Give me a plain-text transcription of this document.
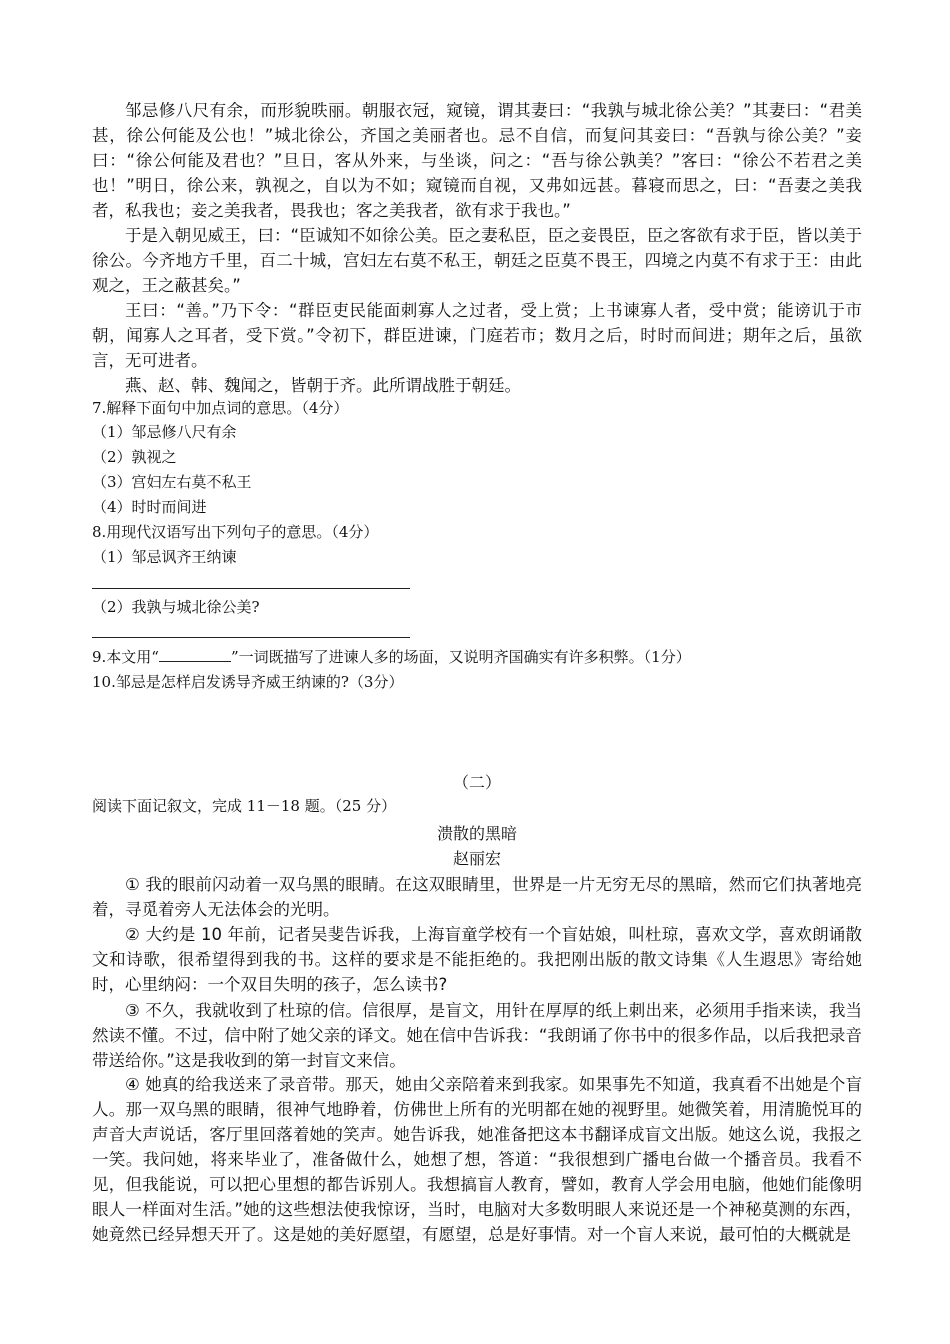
邹忌修八尺有余，而形貌昳丽。朝服衣冠，窥镜，谓其妻曰：“我孰与城北徐公美？”其妻曰：“君美甚，徐公何能及公也！”城北徐公，齐国之美丽者也。忌不自信，而复问其妾曰：“吾孰与徐公美？”妾曰：“徐公何能及君也？”旦日，客从外来，与坐谈，问之：“吾与徐公孰美？”客曰：“徐公不若君之美也！”明日，徐公来，孰视之，自以为不如；窥镜而自视，又弗如远甚。暮寝而思之，曰：“吾妻之美我者，私我也；妾之美我者，畏我也；客之美我者，欲有求于我也。”

于是入朝见威王，曰：“臣诚知不如徐公美。臣之妻私臣，臣之妾畏臣，臣之客欲有求于臣，皆以美于徐公。今齐地方千里，百二十城，宫妇左右莫不私王，朝廷之臣莫不畏王，四境之内莫不有求于王：由此观之，王之蔽甚矣。”

王曰：“善。”乃下令：“群臣吏民能面刺寡人之过者，受上赏；上书谏寡人者，受中赏；能谤讥于市朝，闻寡人之耳者，受下赏。”令初下，群臣进谏，门庭若市；数月之后，时时而间进；期年之后，虽欲言，无可进者。

燕、赵、韩、魏闻之，皆朝于齐。此所谓战胜于朝廷。

7.解释下面句中加点词的意思。（4分）
（1）邹忌修八尺有余
（2）孰视之
（3）宫妇左右莫不私王
（4）时时而间进
8.用现代汉语写出下列句子的意思。（4分）
（1）邹忌讽齐王纳谏
（2）我孰与城北徐公美?
9.本文用“	”一词既描写了进谏人多的场面，又说明齐国确实有许多积弊。（1分）
10.邹忌是怎样启发诱导齐威王纳谏的?（3分）
（二）
阅读下面记叙文，完成 11－18 题。（25 分）
溃散的黑暗
赵丽宏

① 我的眼前闪动着一双乌黑的眼睛。在这双眼睛里，世界是一片无穷无尽的黑暗，然而它们执著地亮着，寻觅着旁人无法体会的光明。

② 大约是 10 年前，记者吴斐告诉我，上海盲童学校有一个盲姑娘，叫杜琼，喜欢文学，喜欢朗诵散文和诗歌，很希望得到我的书。这样的要求是不能拒绝的。我把刚出版的散文诗集《人生遐思》寄给她时，心里纳闷：一个双目失明的孩子，怎么读书?

③ 不久，我就收到了杜琼的信。信很厚，是盲文，用针在厚厚的纸上刺出来，必须用手指来读，我当然读不懂。不过，信中附了她父亲的译文。她在信中告诉我：“我朗诵了你书中的很多作品，以后我把录音带送给你。”这是我收到的第一封盲文来信。

④ 她真的给我送来了录音带。那天，她由父亲陪着来到我家。如果事先不知道，我真看不出她是个盲人。那一双乌黑的眼睛，很神气地睁着，仿佛世上所有的光明都在她的视野里。她微笑着，用清脆悦耳的声音大声说话，客厅里回落着她的笑声。她告诉我，她准备把这本书翻译成盲文出版。她这么说，我报之一笑。我问她，将来毕业了，准备做什么，她想了想，答道：“我很想到广播电台做一个播音员。我看不见，但我能说，可以把心里想的都告诉别人。我想搞盲人教育，譬如，教育人学会用电脑，他她们能像明眼人一样面对生活。”她的这些想法使我惊讶，当时，电脑对大多数明眼人来说还是一个神秘莫测的东西，她竟然已经异想天开了。这是她的美好愿望，有愿望，总是好事情。对一个盲人来说，最可怕的大概就是
